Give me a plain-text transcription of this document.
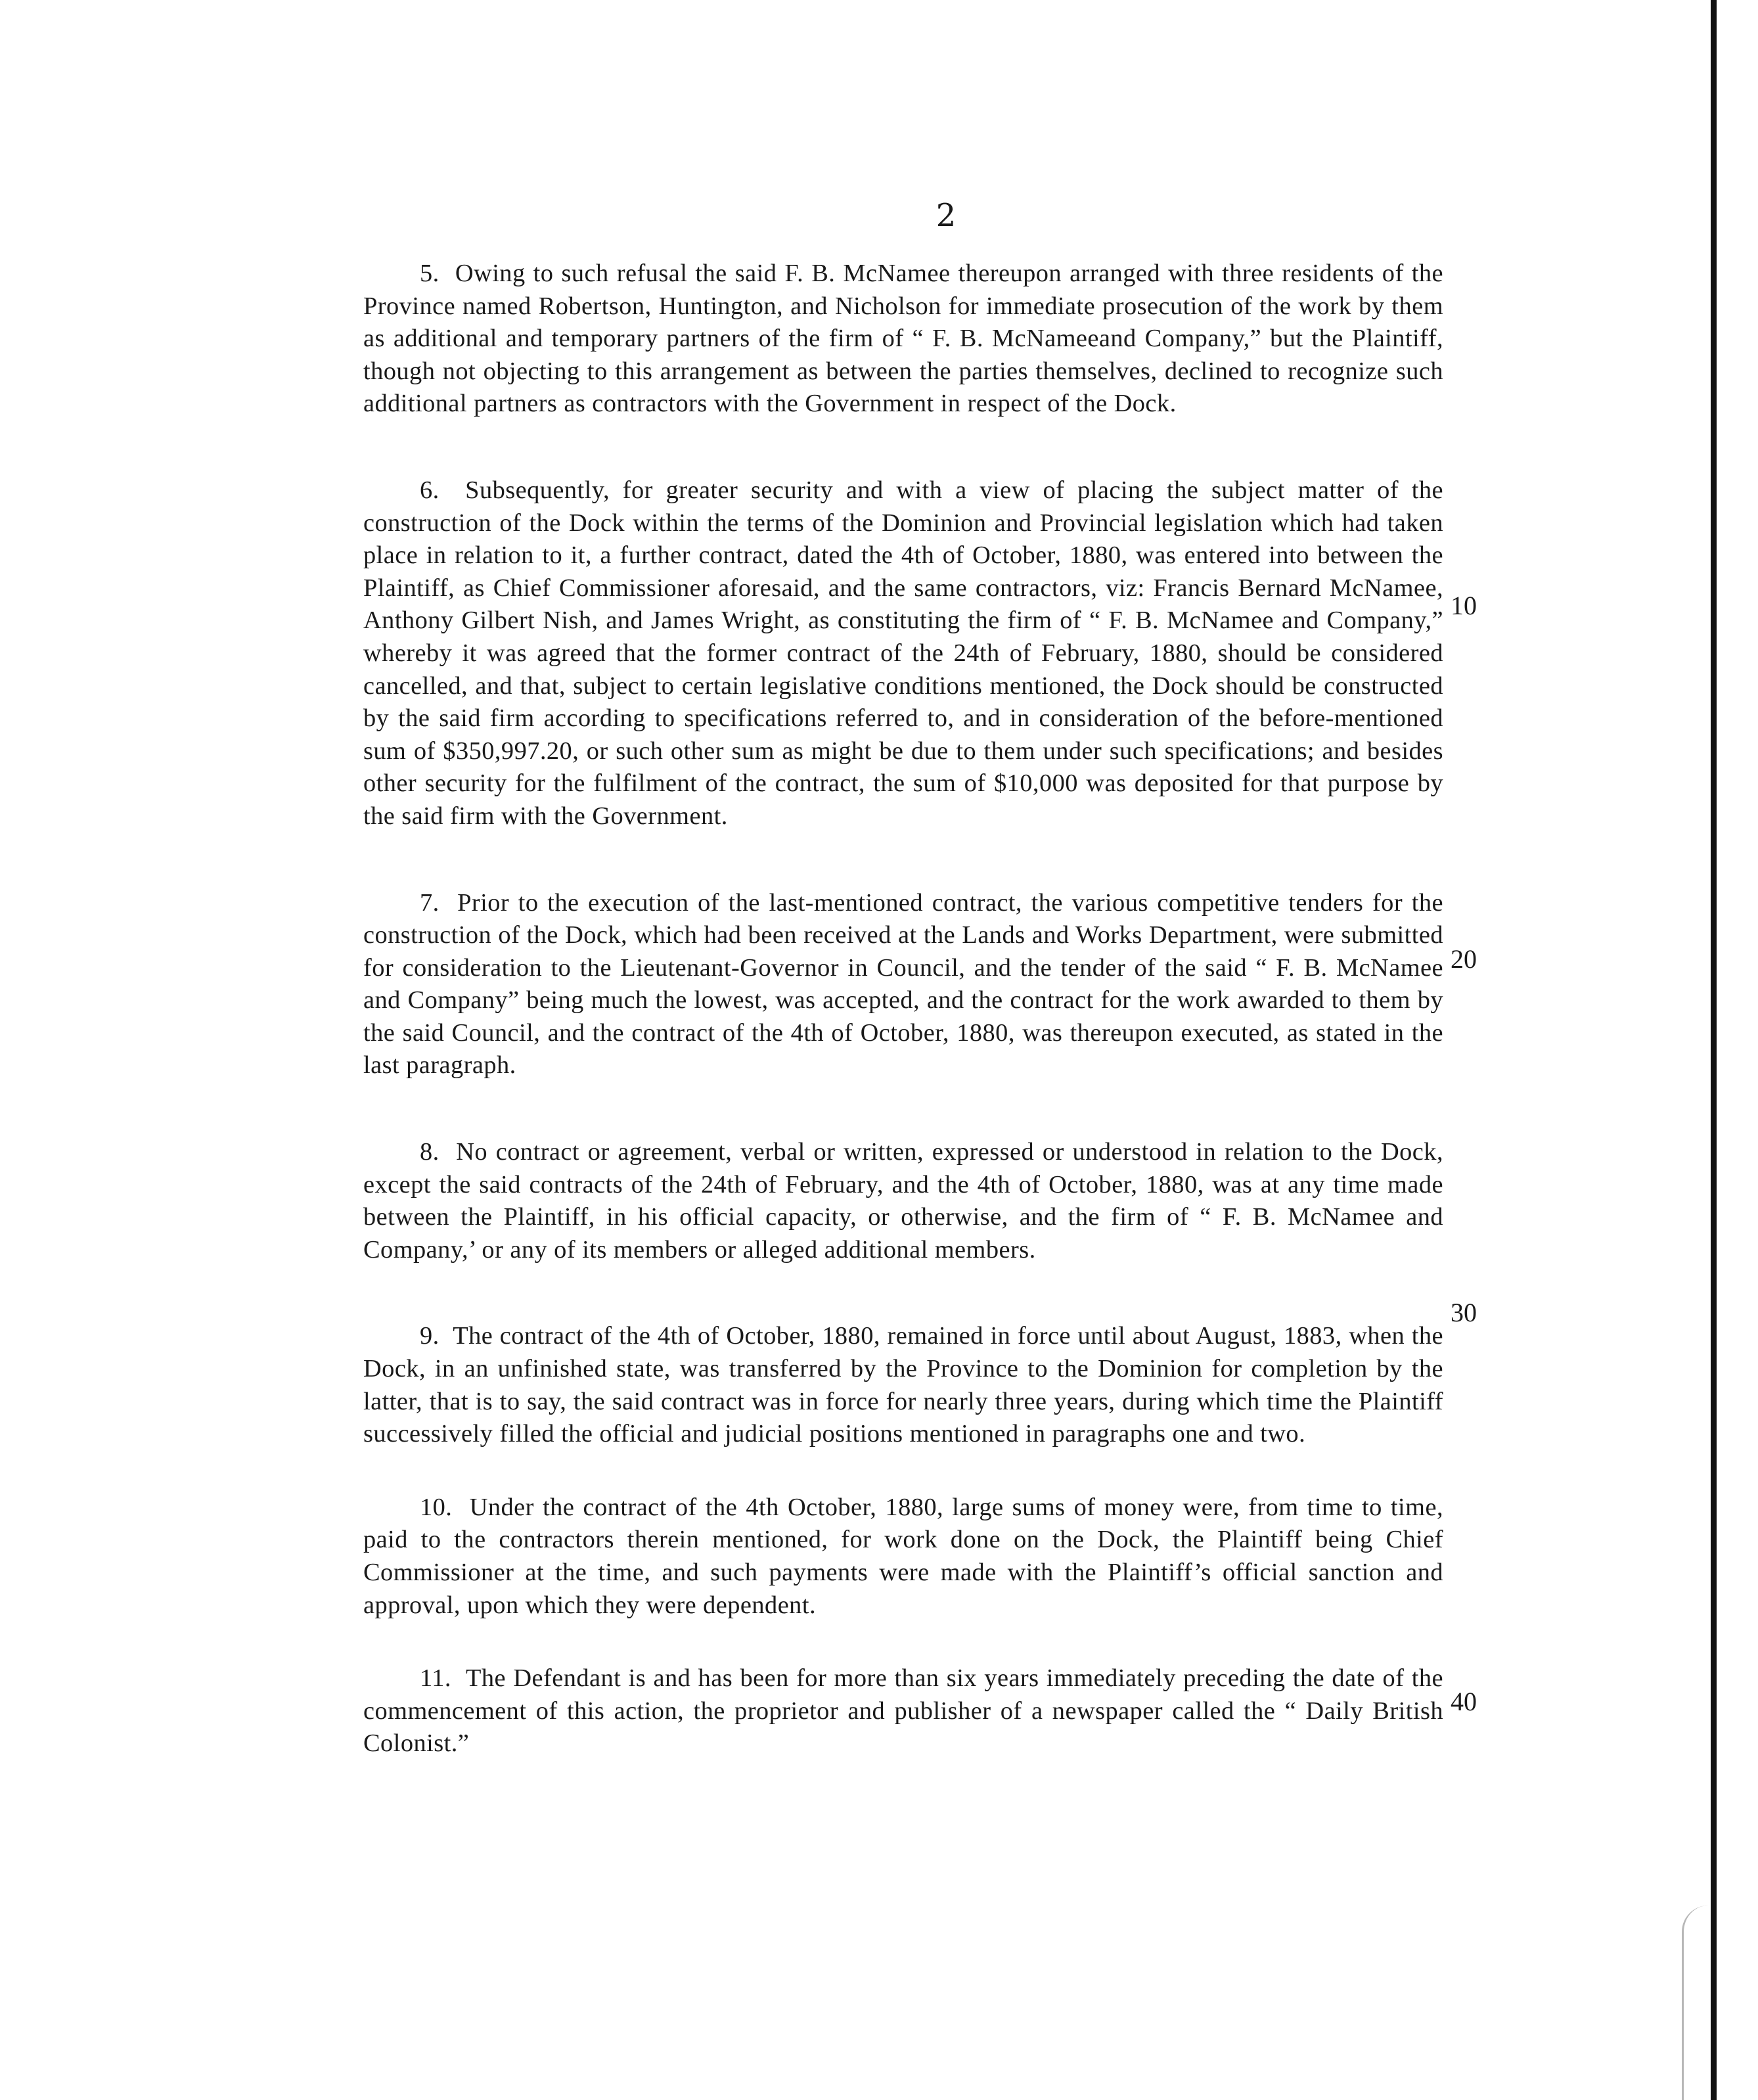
2

5. Owing to such refusal the said F. B. McNamee thereupon arranged with three residents of the Province named Robertson, Huntington, and Nicholson for immediate prosecution of the work by them as additional and temporary partners of the firm of “ F. B. McNameeand Company,” but the Plaintiff, though not objecting to this arrangement as between the parties themselves, declined to recognize such additional partners as contractors with the Government in respect of the Dock.

6. Subsequently, for greater security and with a view of placing the subject matter of the construction of the Dock within the terms of the Dominion and Provincial legislation which had taken place in relation to it, a further contract, dated the 4th of October, 1880, was entered into between the Plaintiff, as Chief Commissioner aforesaid, and the same contractors, viz: Francis Bernard McNamee, Anthony Gilbert Nish, and James Wright, as constituting the firm of “ F. B. McNamee and Company,” whereby it was agreed that the former contract of the 24th of February, 1880, should be considered cancelled, and that, subject to certain legislative conditions mentioned, the Dock should be constructed by the said firm according to specifications referred to, and in consideration of the before-mentioned sum of $350,997.20, or such other sum as might be due to them under such specifications; and besides other security for the fulfilment of the contract, the sum of $10,000 was deposited for that purpose by the said firm with the Government.

7. Prior to the execution of the last-mentioned contract, the various competitive tenders for the construction of the Dock, which had been received at the Lands and Works Department, were submitted for consideration to the Lieutenant-Governor in Council, and the tender of the said “ F. B. McNamee and Company” being much the lowest, was accepted, and the contract for the work awarded to them by the said Council, and the contract of the 4th of October, 1880, was thereupon executed, as stated in the last paragraph.

8. No contract or agreement, verbal or written, expressed or understood in relation to the Dock, except the said contracts of the 24th of February, and the 4th of October, 1880, was at any time made between the Plaintiff, in his official capacity, or otherwise, and the firm of “ F. B. McNamee and Company,’ or any of its members or alleged additional members.

9. The contract of the 4th of October, 1880, remained in force until about August, 1883, when the Dock, in an unfinished state, was transferred by the Province to the Dominion for completion by the latter, that is to say, the said contract was in force for nearly three years, during which time the Plaintiff successively filled the official and judicial positions mentioned in paragraphs one and two.

10. Under the contract of the 4th October, 1880, large sums of money were, from time to time, paid to the contractors therein mentioned, for work done on the Dock, the Plaintiff being Chief Commissioner at the time, and such payments were made with the Plaintiff’s official sanction and approval, upon which they were dependent.

11. The Defendant is and has been for more than six years immediately preceding the date of the commencement of this action, the proprietor and publisher of a newspaper called the “ Daily British Colonist.”

10
20
30
40
